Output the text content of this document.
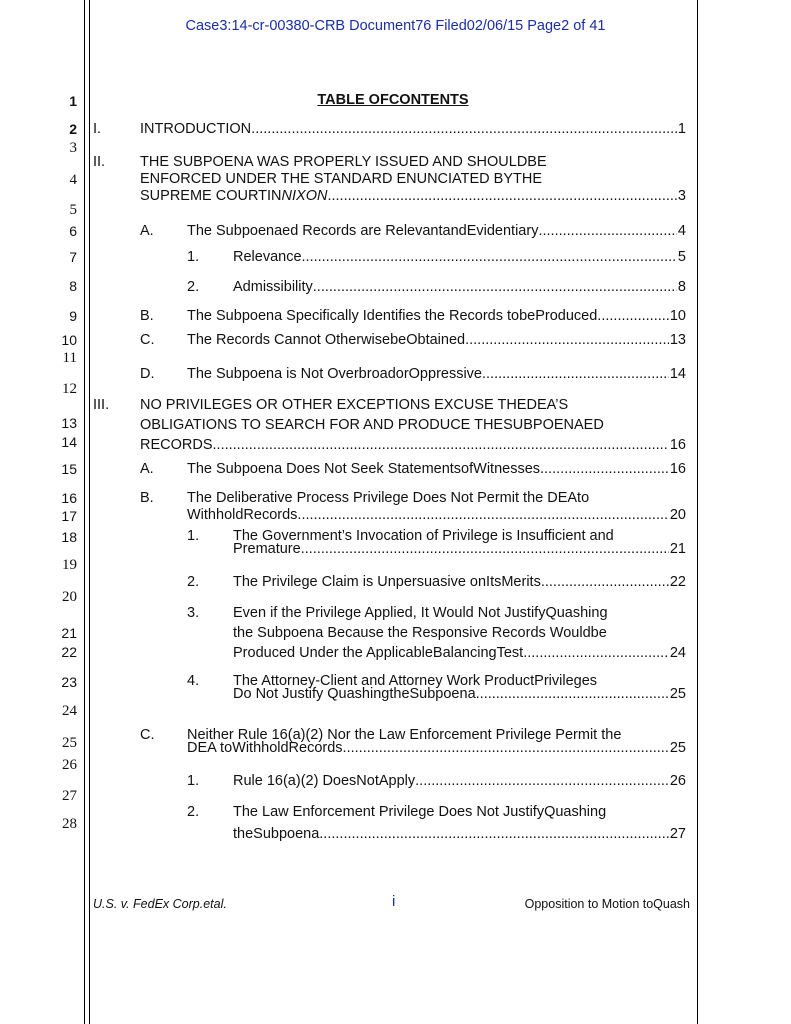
Case3:14-cr-00380-CRB Document76 Filed02/06/15 Page2 of 41
1
2
3
4
5
6
7
8
9
10
11
12
13
14
15
16
17
18
19
20
21
22
23
24
25
26
27
28
TABLE OFCONTENTS
I.	INTRODUCTION .....	1
II. THE SUBPOENA WAS PROPERLY ISSUED AND SHOULDBE
ENFORCED UNDER THE STANDARD ENUNCIATED BYTHE
SUPREME COURTINNIXON .....	3
A. The Subpoenaed Records are RelevantandEvidentiary .....	4
1. Relevance .....	5
2. Admissibility .....	8
B. The Subpoena Specifically Identifies the Records tobeProduced .....	10
C. The Records Cannot OtherwisebeObtained .....	13
D. The Subpoena is Not OverbroadorOppressive .....	14
III. NO PRIVILEGES OR OTHER EXCEPTIONS EXCUSE THEDEA’S
OBLIGATIONS TO SEARCH FOR AND PRODUCE THESUBPOENAED
RECORDS .....	16
A. The Subpoena Does Not Seek StatementsofWitnesses .....	16
B. The Deliberative Process Privilege Does Not Permit the DEAto
WithholdRecords .....	20
1. The Government’s Invocation of Privilege is Insufficient and
Premature .....	21
2. The Privilege Claim is Unpersuasive onItsMerits .....	22
3. Even if the Privilege Applied, It Would Not JustifyQuashing
the Subpoena Because the Responsive Records Wouldbe
Produced Under the ApplicableBalancingTest .....	24
4. The Attorney-Client and Attorney Work ProductPrivileges
Do Not Justify QuashingtheSubpoena .....	25
C. Neither Rule 16(a)(2) Nor the Law Enforcement Privilege Permit the
DEA toWithholdRecords .....	25
1. Rule 16(a)(2) DoesNotApply .....	26
2. The Law Enforcement Privilege Does Not JustifyQuashing
theSubpoena .....	27
U.S. v. FedEx Corp.etal.	i	Opposition to Motion toQuash
